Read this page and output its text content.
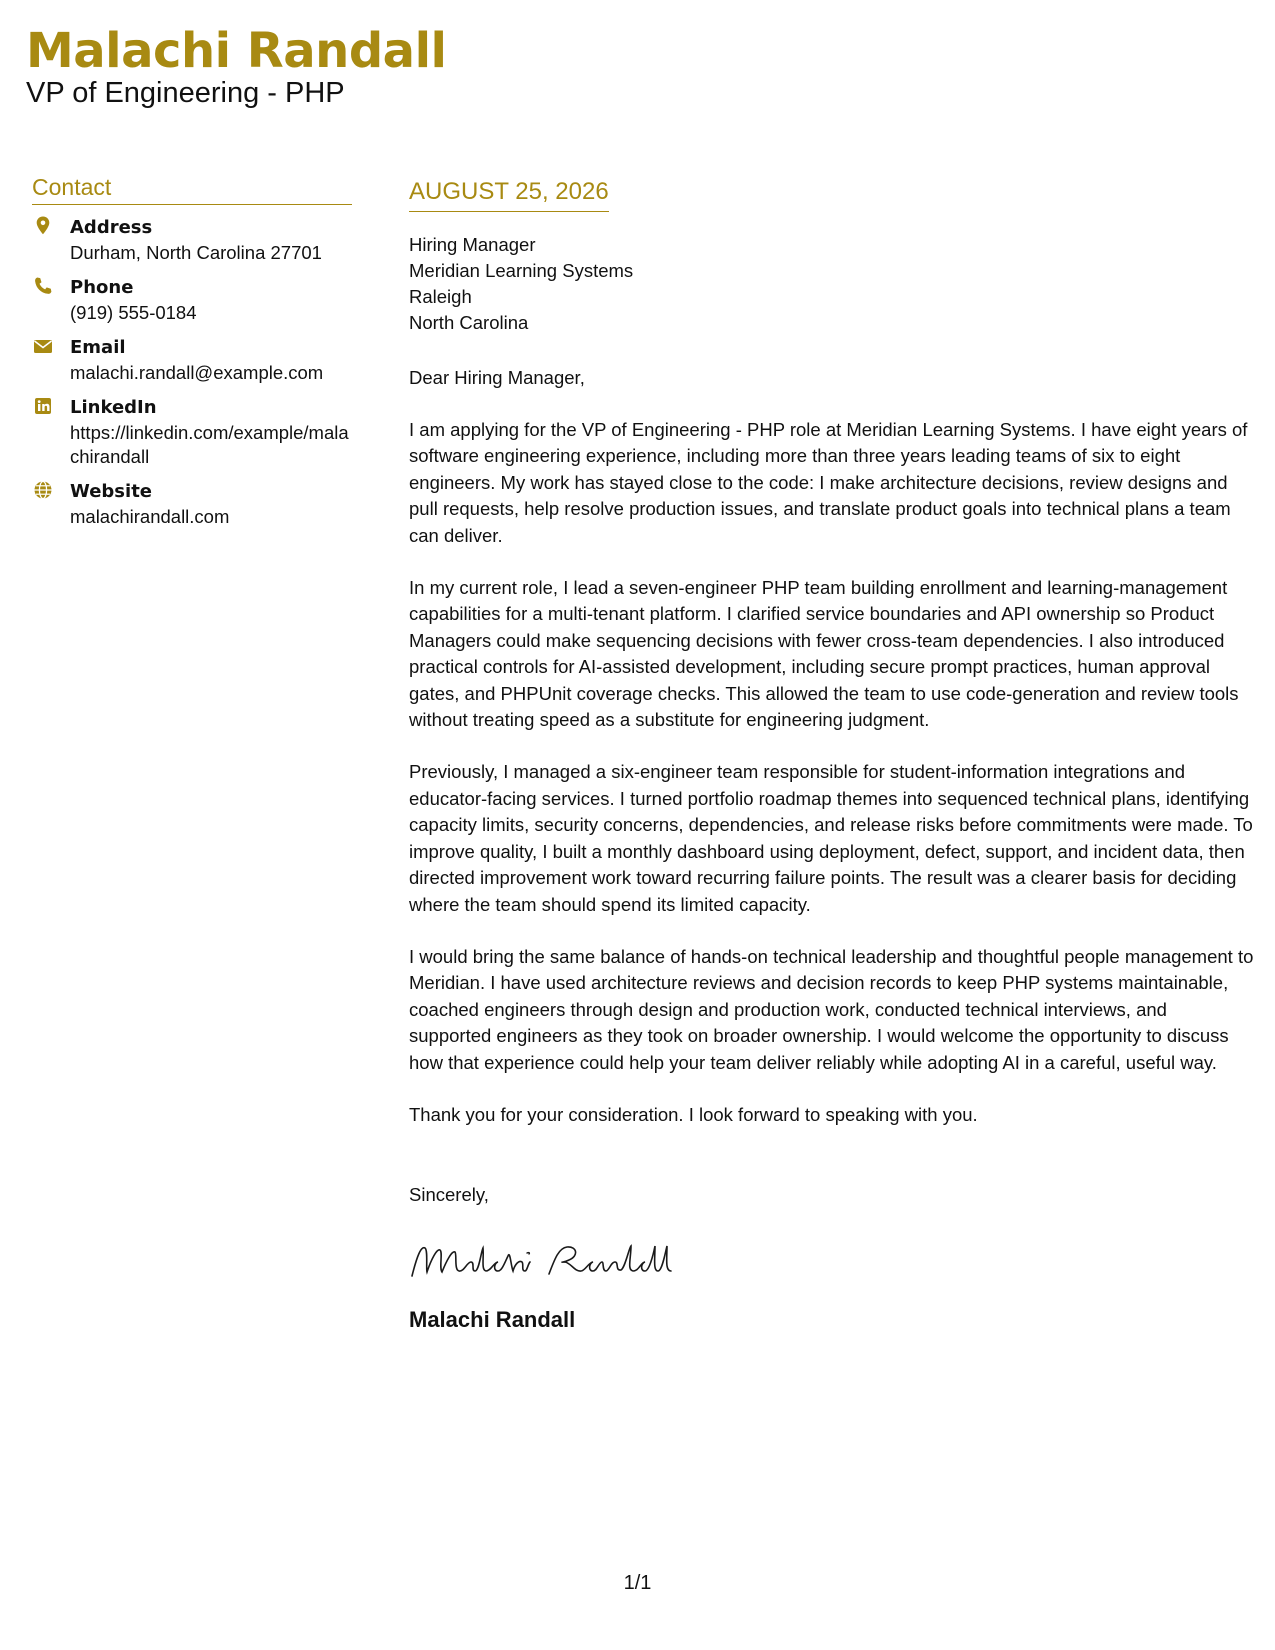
Malachi Randall
VP of Engineering - PHP
Contact
Address
Durham, North Carolina 27701
Phone
(919) 555-0184
Email
malachi.randall@example.com
LinkedIn
https://linkedin.com/example/malachirandall
Website
malachirandall.com
AUGUST 25, 2026
Hiring Manager
Meridian Learning Systems
Raleigh
North Carolina
Dear Hiring Manager,
I am applying for the VP of Engineering - PHP role at Meridian Learning Systems. I have eight years of software engineering experience, including more than three years leading teams of six to eight engineers. My work has stayed close to the code: I make architecture decisions, review designs and pull requests, help resolve production issues, and translate product goals into technical plans a team can deliver.
In my current role, I lead a seven-engineer PHP team building enrollment and learning-management capabilities for a multi-tenant platform. I clarified service boundaries and API ownership so Product Managers could make sequencing decisions with fewer cross-team dependencies. I also introduced practical controls for AI-assisted development, including secure prompt practices, human approval gates, and PHPUnit coverage checks. This allowed the team to use code-generation and review tools without treating speed as a substitute for engineering judgment.
Previously, I managed a six-engineer team responsible for student-information integrations and educator-facing services. I turned portfolio roadmap themes into sequenced technical plans, identifying capacity limits, security concerns, dependencies, and release risks before commitments were made. To improve quality, I built a monthly dashboard using deployment, defect, support, and incident data, then directed improvement work toward recurring failure points. The result was a clearer basis for deciding where the team should spend its limited capacity.
I would bring the same balance of hands-on technical leadership and thoughtful people management to Meridian. I have used architecture reviews and decision records to keep PHP systems maintainable, coached engineers through design and production work, conducted technical interviews, and supported engineers as they took on broader ownership. I would welcome the opportunity to discuss how that experience could help your team deliver reliably while adopting AI in a careful, useful way.
Thank you for your consideration. I look forward to speaking with you.
Sincerely,
Malachi Randall
1/1
